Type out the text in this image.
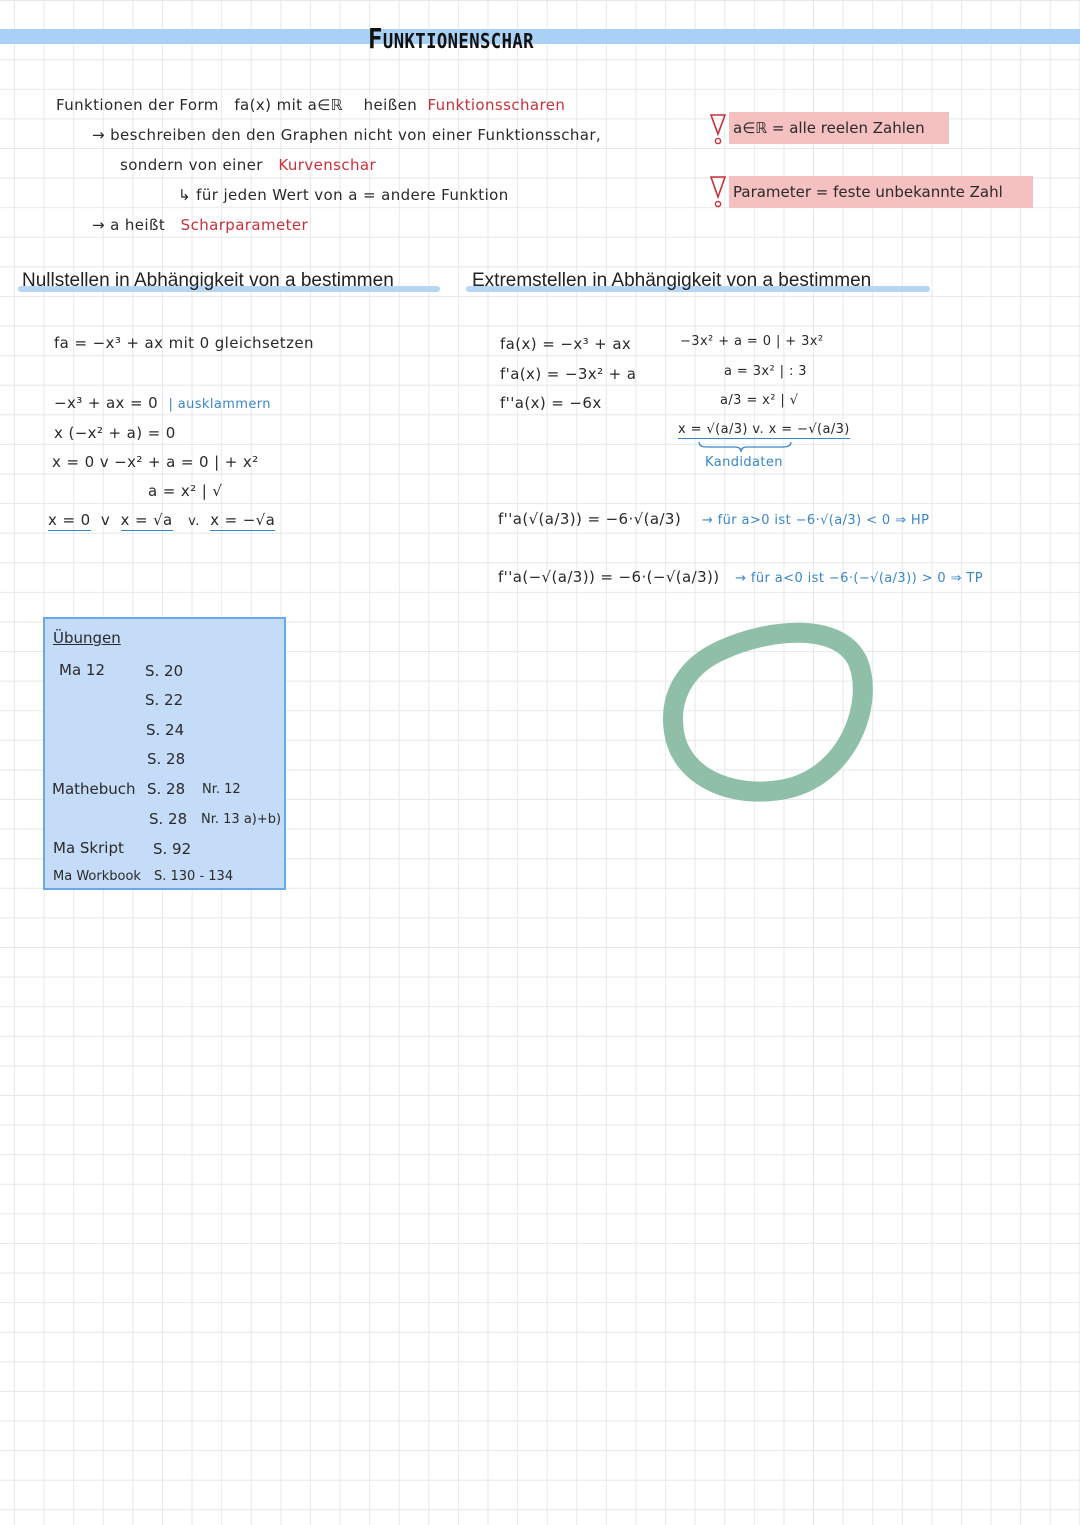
Funktionenschar
Funktionen der Form fa(x) mit a∈ℝ heißen Funktionsscharen
→ beschreiben den den Graphen nicht von einer Funktionsschar,
sondern von einer Kurvenschar
↳ für jeden Wert von a = andere Funktion
→ a heißt Scharparameter
a∈ℝ = alle reelen Zahlen
Parameter = feste unbekannte Zahl
Nullstellen in Abhängigkeit von a bestimmen	Extremstellen in Abhängigkeit von a bestimmen
fa = −x³ + ax mit 0 gleichsetzen
−x³ + ax = 0 | ausklammern
x (−x² + a) = 0
x = 0 v −x² + a = 0 | + x²
a = x² | √
x = 0 v x = √a v. x = −√a
fa(x) = −x³ + ax
f'a(x) = −3x² + a
f''a(x) = −6x
−3x² + a = 0 | + 3x²
a = 3x² | : 3
a/3 = x² | √
x = √(a/3) v. x = −√(a/3)
Kandidaten
f''a(√(a/3)) = −6·√(a/3) → für a>0 ist −6·√(a/3) < 0 ⇒ HP
f''a(−√(a/3)) = −6·(−√(a/3)) → für a<0 ist −6·(−√(a/3)) > 0 ⇒ TP
Übungen
Ma 12	S. 20
S. 22
S. 24
S. 28
Mathebuch S. 28 Nr. 12
S. 28 Nr. 13 a)+b)
Ma Skript S. 92
Ma Workbook S. 130 - 134
